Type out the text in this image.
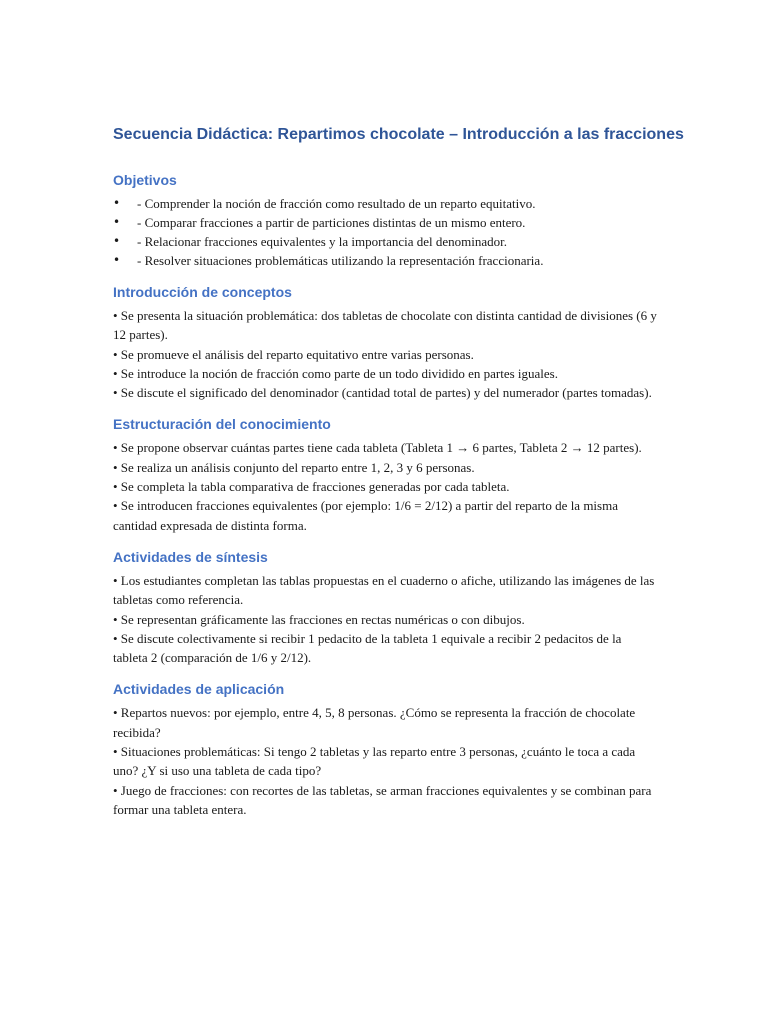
Secuencia Didáctica: Repartimos chocolate – Introducción a las fracciones
Objetivos
•	- Comprender la noción de fracción como resultado de un reparto equitativo.
•	- Comparar fracciones a partir de particiones distintas de un mismo entero.
•	- Relacionar fracciones equivalentes y la importancia del denominador.
•	- Resolver situaciones problemáticas utilizando la representación fraccionaria.
Introducción de conceptos

• Se presenta la situación problemática: dos tabletas de chocolate con distinta cantidad de divisiones (6 y 12 partes).

• Se promueve el análisis del reparto equitativo entre varias personas.

• Se introduce la noción de fracción como parte de un todo dividido en partes iguales.

• Se discute el significado del denominador (cantidad total de partes) y del numerador (partes tomadas).

Estructuración del conocimiento

• Se propone observar cuántas partes tiene cada tableta (Tableta 1 → 6 partes, Tableta 2 → 12 partes).

• Se realiza un análisis conjunto del reparto entre 1, 2, 3 y 6 personas.

• Se completa la tabla comparativa de fracciones generadas por cada tableta.

• Se introducen fracciones equivalentes (por ejemplo: 1/6 = 2/12) a partir del reparto de la misma cantidad expresada de distinta forma.

Actividades de síntesis

• Los estudiantes completan las tablas propuestas en el cuaderno o afiche, utilizando las imágenes de las tabletas como referencia.

• Se representan gráficamente las fracciones en rectas numéricas o con dibujos.

• Se discute colectivamente si recibir 1 pedacito de la tableta 1 equivale a recibir 2 pedacitos de la tableta 2 (comparación de 1/6 y 2/12).

Actividades de aplicación

• Repartos nuevos: por ejemplo, entre 4, 5, 8 personas. ¿Cómo se representa la fracción de chocolate recibida?

• Situaciones problemáticas: Si tengo 2 tabletas y las reparto entre 3 personas, ¿cuánto le toca a cada uno? ¿Y si uso una tableta de cada tipo?

• Juego de fracciones: con recortes de las tabletas, se arman fracciones equivalentes y se combinan para formar una tableta entera.
